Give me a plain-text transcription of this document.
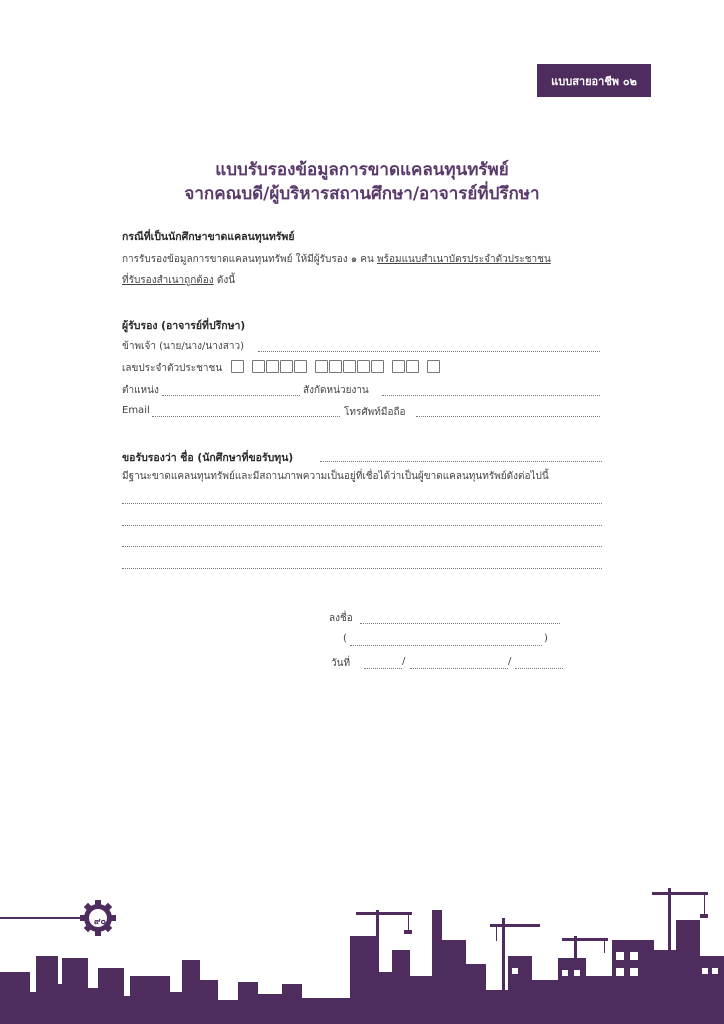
แบบสายอาชีพ ๐๒
แบบรับรองข้อมูลการขาดแคลนทุนทรัพย์
จากคณบดี/ผู้บริหารสถานศึกษา/อาจารย์ที่ปรึกษา
กรณีที่เป็นนักศึกษาขาดแคลนทุนทรัพย์
การรับรองข้อมูลการขาดแคลนทุนทรัพย์ ให้มีผู้รับรอง ๑ คน พร้อมแนบสำเนาบัตรประจำตัวประชาชน
ที่รับรองสำเนาถูกต้อง ดังนี้
ผู้รับรอง (อาจารย์ที่ปรึกษา)
ข้าพเจ้า (นาย/นาง/นางสาว)
เลขประจำตัวประชาชน
ตำแหน่ง	สังกัดหน่วยงาน
Email	โทรศัพท์มือถือ
ขอรับรองว่า ชื่อ (นักศึกษาที่ขอรับทุน)
มีฐานะขาดแคลนทุนทรัพย์และมีสถานภาพความเป็นอยู่ที่เชื่อได้ว่าเป็นผู้ขาดแคลนทุนทรัพย์ดังต่อไปนี้
ลงชื่อ
(	)
วันที่	/	/
๙๐
